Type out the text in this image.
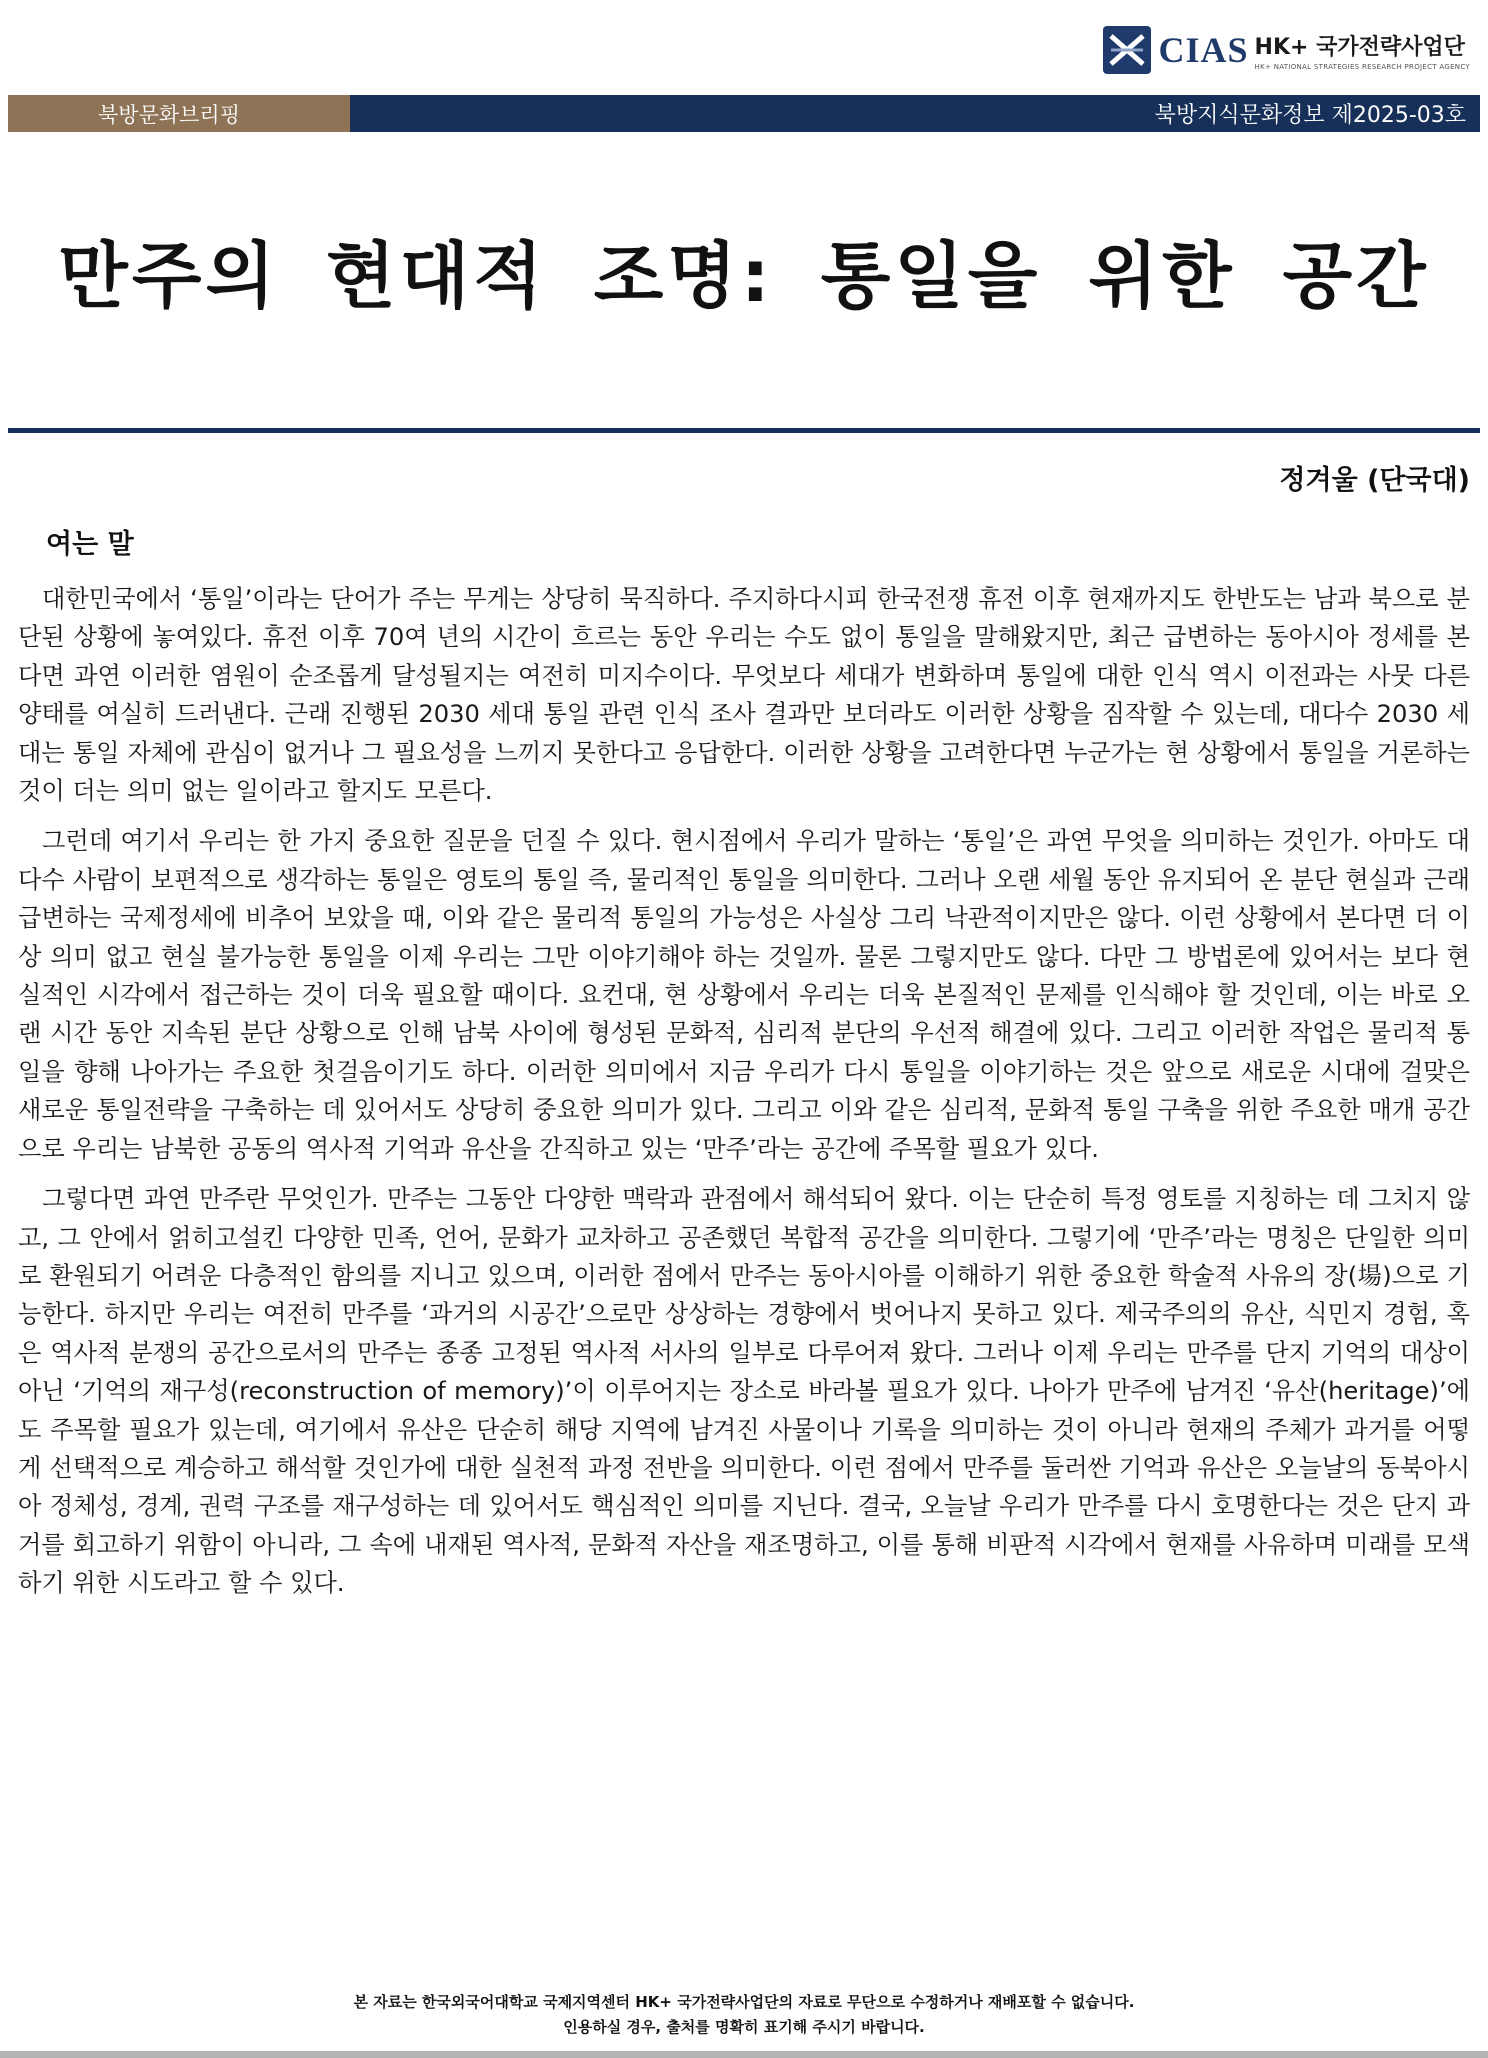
CIAS HK+ 국가전략사업단
HK+ NATIONAL STRATEGIES RESEARCH PROJECT AGENCY
북방문화브리핑	북방지식문화정보 제2025-03호
만주의 현대적 조명: 통일을 위한 공간
정겨울 (단국대)
여는 말

대한민국에서 ‘통일’이라는 단어가 주는 무게는 상당히 묵직하다. 주지하다시피 한국전쟁 휴전 이후 현재까지도 한반도는 남과 북으로 분단된 상황에 놓여있다. 휴전 이후 70여 년의 시간이 흐르는 동안 우리는 수도 없이 통일을 말해왔지만, 최근 급변하는 동아시아 정세를 본다면 과연 이러한 염원이 순조롭게 달성될지는 여전히 미지수이다. 무엇보다 세대가 변화하며 통일에 대한 인식 역시 이전과는 사뭇 다른 양태를 여실히 드러낸다. 근래 진행된 2030 세대 통일 관련 인식 조사 결과만 보더라도 이러한 상황을 짐작할 수 있는데, 대다수 2030 세대는 통일 자체에 관심이 없거나 그 필요성을 느끼지 못한다고 응답한다. 이러한 상황을 고려한다면 누군가는 현 상황에서 통일을 거론하는 것이 더는 의미 없는 일이라고 할지도 모른다.

그런데 여기서 우리는 한 가지 중요한 질문을 던질 수 있다. 현시점에서 우리가 말하는 ‘통일’은 과연 무엇을 의미하는 것인가. 아마도 대다수 사람이 보편적으로 생각하는 통일은 영토의 통일 즉, 물리적인 통일을 의미한다. 그러나 오랜 세월 동안 유지되어 온 분단 현실과 근래 급변하는 국제정세에 비추어 보았을 때, 이와 같은 물리적 통일의 가능성은 사실상 그리 낙관적이지만은 않다. 이런 상황에서 본다면 더 이상 의미 없고 현실 불가능한 통일을 이제 우리는 그만 이야기해야 하는 것일까. 물론 그렇지만도 않다. 다만 그 방법론에 있어서는 보다 현실적인 시각에서 접근하는 것이 더욱 필요할 때이다. 요컨대, 현 상황에서 우리는 더욱 본질적인 문제를 인식해야 할 것인데, 이는 바로 오랜 시간 동안 지속된 분단 상황으로 인해 남북 사이에 형성된 문화적, 심리적 분단의 우선적 해결에 있다. 그리고 이러한 작업은 물리적 통일을 향해 나아가는 주요한 첫걸음이기도 하다. 이러한 의미에서 지금 우리가 다시 통일을 이야기하는 것은 앞으로 새로운 시대에 걸맞은 새로운 통일전략을 구축하는 데 있어서도 상당히 중요한 의미가 있다. 그리고 이와 같은 심리적, 문화적 통일 구축을 위한 주요한 매개 공간으로 우리는 남북한 공동의 역사적 기억과 유산을 간직하고 있는 ‘만주’라는 공간에 주목할 필요가 있다.

그렇다면 과연 만주란 무엇인가. 만주는 그동안 다양한 맥락과 관점에서 해석되어 왔다. 이는 단순히 특정 영토를 지칭하는 데 그치지 않고, 그 안에서 얽히고설킨 다양한 민족, 언어, 문화가 교차하고 공존했던 복합적 공간을 의미한다. 그렇기에 ‘만주’라는 명칭은 단일한 의미로 환원되기 어려운 다층적인 함의를 지니고 있으며, 이러한 점에서 만주는 동아시아를 이해하기 위한 중요한 학술적 사유의 장(場)으로 기능한다. 하지만 우리는 여전히 만주를 ‘과거의 시공간’으로만 상상하는 경향에서 벗어나지 못하고 있다. 제국주의의 유산, 식민지 경험, 혹은 역사적 분쟁의 공간으로서의 만주는 종종 고정된 역사적 서사의 일부로 다루어져 왔다. 그러나 이제 우리는 만주를 단지 기억의 대상이 아닌 ‘기억의 재구성(reconstruction of memory)’이 이루어지는 장소로 바라볼 필요가 있다. 나아가 만주에 남겨진 ‘유산(heritage)’에도 주목할 필요가 있는데, 여기에서 유산은 단순히 해당 지역에 남겨진 사물이나 기록을 의미하는 것이 아니라 현재의 주체가 과거를 어떻게 선택적으로 계승하고 해석할 것인가에 대한 실천적 과정 전반을 의미한다. 이런 점에서 만주를 둘러싼 기억과 유산은 오늘날의 동북아시아 정체성, 경계, 권력 구조를 재구성하는 데 있어서도 핵심적인 의미를 지닌다. 결국, 오늘날 우리가 만주를 다시 호명한다는 것은 단지 과거를 회고하기 위함이 아니라, 그 속에 내재된 역사적, 문화적 자산을 재조명하고, 이를 통해 비판적 시각에서 현재를 사유하며 미래를 모색하기 위한 시도라고 할 수 있다.

본 자료는 한국외국어대학교 국제지역센터 HK+ 국가전략사업단의 자료로 무단으로 수정하거나 재배포할 수 없습니다.
인용하실 경우, 출처를 명확히 표기해 주시기 바랍니다.
